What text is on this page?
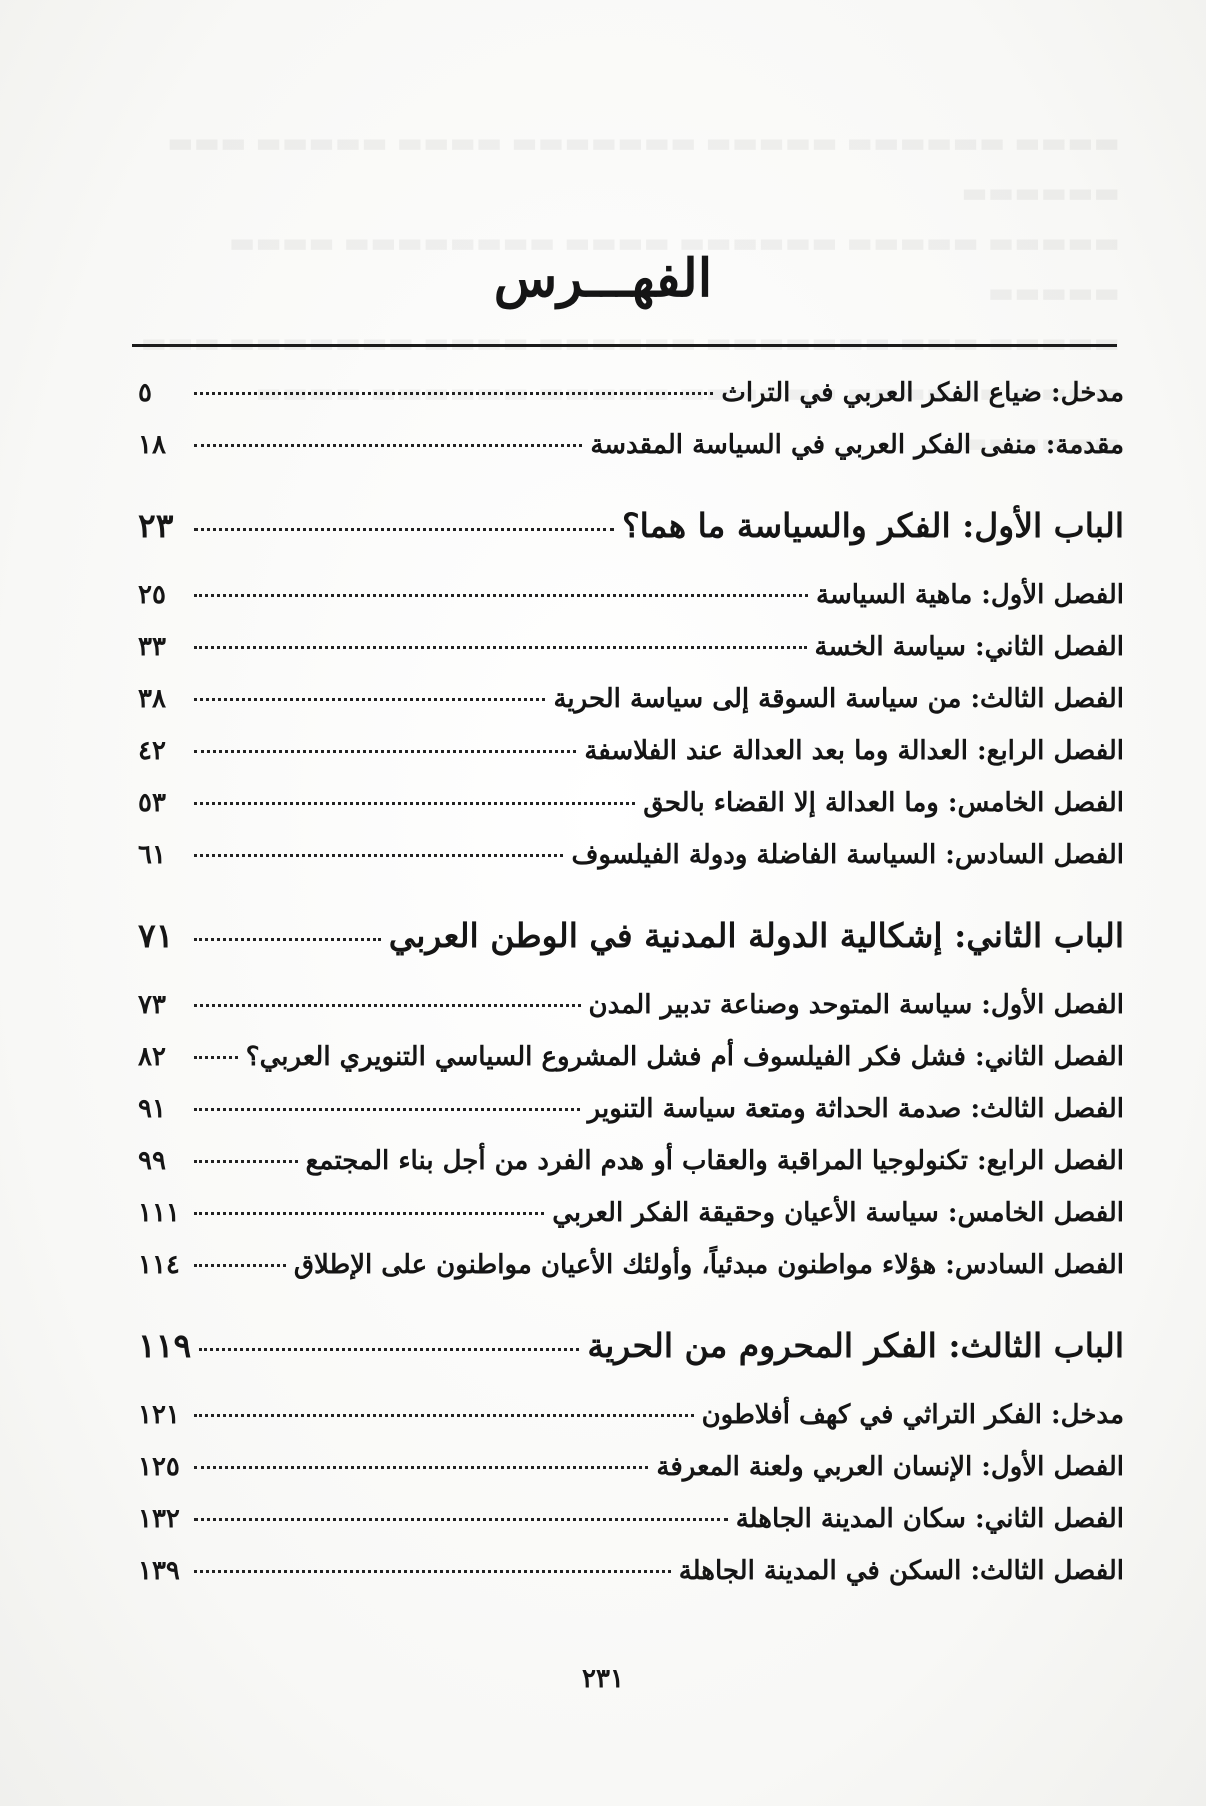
الفهـــرس
مدخل
:
ضياع الفكر العربي في التراث
٥
مقدمة
:
منفى الفكر العربي في السياسة المقدسة
١٨
الباب الأول
:
الفكر والسياسة ما هما؟
٢٣
الفصل الأول
:
ماهية السياسة
٢٥
الفصل الثاني
:
سياسة الخسة
٣٣
الفصل الثالث
:
من سياسة السوقة إلى سياسة الحرية
٣٨
الفصل الرابع
:
العدالة وما بعد العدالة عند الفلاسفة
٤٢
الفصل الخامس
:
وما العدالة إلا القضاء بالحق
٥٣
الفصل السادس
:
السياسة الفاضلة ودولة الفيلسوف
٦١
الباب الثاني
:
إشكالية الدولة المدنية في الوطن العربي
٧١
الفصل الأول
:
سياسة المتوحد وصناعة تدبير المدن
٧٣
الفصل الثاني
:
فشل فكر الفيلسوف أم فشل المشروع السياسي التنويري العربي؟
٨٢
الفصل الثالث
:
صدمة الحداثة ومتعة سياسة التنوير
٩١
الفصل الرابع
:
تكنولوجيا المراقبة والعقاب أو هدم الفرد من أجل بناء المجتمع
٩٩
الفصل الخامس
:
سياسة الأعيان وحقيقة الفكر العربي
١١١
الفصل السادس
:
هؤلاء مواطنون مبدئياً، وأولئك الأعيان مواطنون على الإطلاق
١١٤
الباب الثالث
:
الفكر المحروم من الحرية
١١٩
مدخل
:
الفكر التراثي في كهف أفلاطون
١٢١
الفصل الأول
:
الإنسان العربي ولعنة المعرفة
١٢٥
الفصل الثاني
:
سكان المدينة الجاهلة
١٣٢
الفصل الثالث
:
السكن في المدينة الجاهلة
١٣٩
٢٣١
